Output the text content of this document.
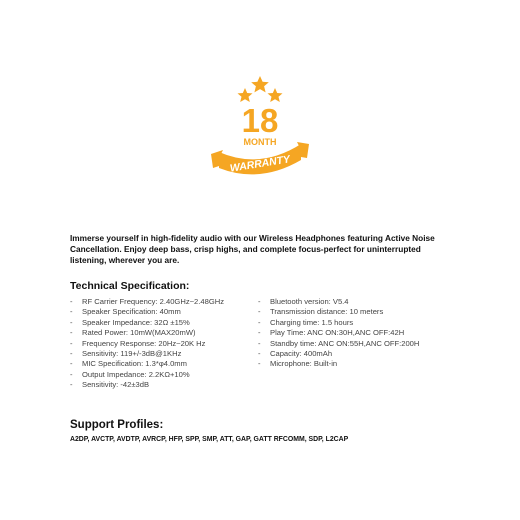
18
MONTH
WARRANTY

Immerse yourself in high-fidelity audio with our Wireless Headphones featuring Active Noise Cancellation. Enjoy deep bass, crisp highs, and complete focus-perfect for uninterrupted listening, wherever you are.

Technical Specification:
-	RF Carrier Frequency: 2.40GHz~2.48GHz
-	Speaker Specification: 40mm
-	Speaker Impedance: 32Ω ±15%
-	Rated Power: 10mW(MAX20mW)
-	Frequency Response: 20Hz~20K Hz
-	Sensitivity: 119+/-3dB@1KHz
-	MIC Specification: 1.3*φ4.0mm
-	Output Impedance: 2.2KΩ+10%
-	Sensitivity: -42±3dB
-	Bluetooth version: V5.4
-	Transmission distance: 10 meters
-	Charging time: 1.5 hours
-	Play Time: ANC ON:30H,ANC OFF:42H
-	Standby time: ANC ON:55H,ANC OFF:200H
-	Capacity: 400mAh
-	Microphone: Built-in
Support Profiles:

A2DP, AVCTP, AVDTP, AVRCP, HFP, SPP, SMP, ATT, GAP, GATT RFCOMM, SDP, L2CAP
